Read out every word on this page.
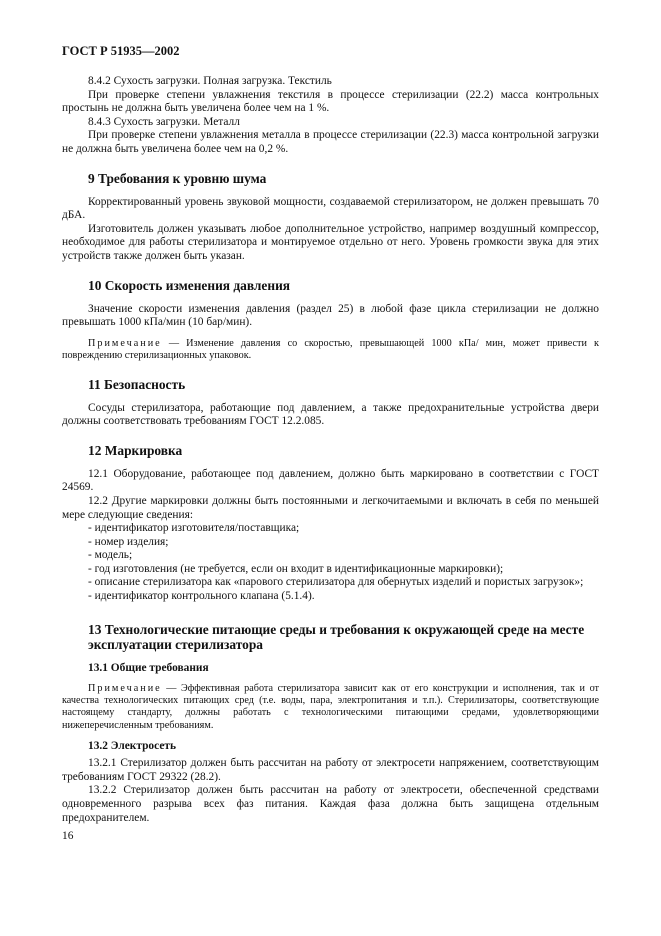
ГОСТ Р 51935—2002

8.4.2 Сухость загрузки. Полная загрузка. Текстиль

При проверке степени увлажнения текстиля в процессе стерилизации (22.2) масса контрольных простынь не должна быть увеличена более чем на 1 %.

8.4.3 Сухость загрузки. Металл

При проверке степени увлажнения металла в процессе стерилизации (22.3) масса контрольной загрузки не должна быть увеличена более чем на 0,2 %.

9 Требования к уровню шума

Корректированный уровень звуковой мощности, создаваемой стерилизатором, не должен превышать 70 дБА.

Изготовитель должен указывать любое дополнительное устройство, например воздушный компрессор, необходимое для работы стерилизатора и монтируемое отдельно от него. Уровень громкости звука для этих устройств также должен быть указан.

10 Скорость изменения давления

Значение скорости изменения давления (раздел 25) в любой фазе цикла стерилизации не должно превышать 1000 кПа/мин (10 бар/мин).

Примечание — Изменение давления со скоростью, превышающей 1000 кПа/ мин, может привести к повреждению стерилизационных упаковок.

11 Безопасность

Сосуды стерилизатора, работающие под давлением, а также предохранительные устройства двери должны соответствовать требованиям ГОСТ 12.2.085.

12 Маркировка

12.1 Оборудование, работающее под давлением, должно быть маркировано в соответствии с ГОСТ 24569.

12.2 Другие маркировки должны быть постоянными и легкочитаемыми и включать в себя по меньшей мере следующие сведения:

- идентификатор изготовителя/поставщика;

- номер изделия;

- модель;

- год изготовления (не требуется, если он входит в идентификационные маркировки);

- описание стерилизатора как «парового стерилизатора для обернутых изделий и пористых загрузок»;

- идентификатор контрольного клапана (5.1.4).

13 Технологические питающие среды и требования к окружающей среде на месте эксплуатации стерилизатора
13.1 Общие требования

Примечание — Эффективная работа стерилизатора зависит как от его конструкции и исполнения, так и от качества технологических питающих сред (т.е. воды, пара, электропитания и т.п.). Стерилизаторы, соответствующие настоящему стандарту, должны работать с технологическими питающими средами, удовлетворяющими нижеперечисленным требованиям.

13.2 Электросеть

13.2.1 Стерилизатор должен быть рассчитан на работу от электросети напряжением, соответствующим требованиям ГОСТ 29322 (28.2).

13.2.2 Стерилизатор должен быть рассчитан на работу от электросети, обеспеченной средствами одновременного разрыва всех фаз питания. Каждая фаза должна быть защищена отдельным предохранителем.

16
